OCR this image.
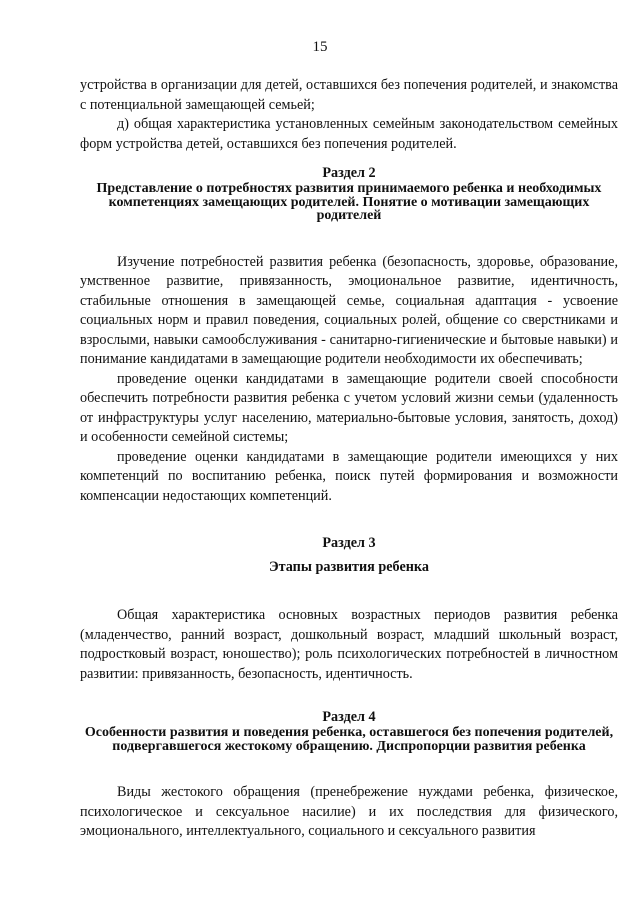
15

устройства в организации для детей, оставшихся без попечения родителей, и знакомства с потенциальной замещающей семьей;

д) общая характеристика установленных семейным законодательством семейных форм устройства детей, оставшихся без попечения родителей.

Раздел 2
Представление о потребностях развития принимаемого ребенка и необходимых компетенциях замещающих родителей. Понятие о мотивации замещающих родителей

Изучение потребностей развития ребенка (безопасность, здоровье, образование, умственное развитие, привязанность, эмоциональное развитие, идентичность, стабильные отношения в замещающей семье, социальная адаптация - усвоение социальных норм и правил поведения, социальных ролей, общение со сверстниками и взрослыми, навыки самообслуживания - санитарно-гигиенические и бытовые навыки) и понимание кандидатами в замещающие родители необходимости их обеспечивать;

проведение оценки кандидатами в замещающие родители своей способности обеспечить потребности развития ребенка с учетом условий жизни семьи (удаленность от инфраструктуры услуг населению, материально-бытовые условия, занятость, доход) и особенности семейной системы;

проведение оценки кандидатами в замещающие родители имеющихся у них компетенций по воспитанию ребенка, поиск путей формирования и возможности компенсации недостающих компетенций.

Раздел 3
Этапы развития ребенка

Общая характеристика основных возрастных периодов развития ребенка (младенчество, ранний возраст, дошкольный возраст, младший школьный возраст, подростковый возраст, юношество); роль психологических потребностей в личностном развитии: привязанность, безопасность, идентичность.

Раздел 4
Особенности развития и поведения ребенка, оставшегося без попечения родителей, подвергавшегося жестокому обращению. Диспропорции развития ребенка

Виды жестокого обращения (пренебрежение нуждами ребенка, физическое, психологическое и сексуальное насилие) и их последствия для физического, эмоционального, интеллектуального, социального и сексуального развития
